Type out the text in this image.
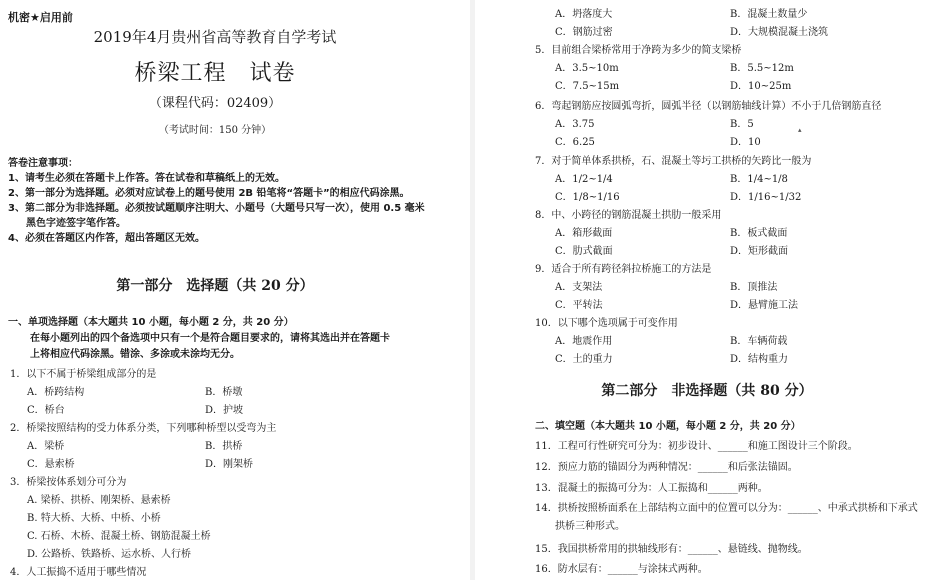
机密★启用前
2019年4月贵州省高等教育自学考试
桥梁工程　试卷
（课程代码：02409）
（考试时间：150 分钟）
答卷注意事项：
1、请考生必须在答题卡上作答。答在试卷和草稿纸上的无效。
2、第一部分为选择题。必须对应试卷上的题号使用 2B 铅笔将“答题卡”的相应代码涂黑。
3、第二部分为非选择题。必须按试题顺序注明大、小题号（大题号只写一次），使用 0.5 毫米
黑色字迹签字笔作答。
4、必须在答题区内作答，超出答题区无效。
第一部分　选择题（共 20 分）
一、单项选择题（本大题共 10 小题，每小题 2 分，共 20 分）
在每小题列出的四个备选项中只有一个是符合题目要求的，请将其选出并在答题卡
上将相应代码涂黑。错涂、多涂或未涂均无分。
1．以下不属于桥梁组成部分的是
A．桥跨结构	B．桥墩
C．桥台	D．护坡
2．桥梁按照结构的受力体系分类，下列哪种桥型以受弯为主
A．梁桥	B．拱桥
C．悬索桥	D．刚架桥
3．桥梁按体系划分可分为
A. 梁桥、拱桥、刚架桥、悬索桥
B. 特大桥、大桥、中桥、小桥
C. 石桥、木桥、混凝土桥、钢筋混凝土桥
D. 公路桥、铁路桥、运水桥、人行桥
4．人工振捣不适用于哪些情况
A．坍落度大	B．混凝土数量少
C．钢筋过密	D．大规模混凝土浇筑
5．目前组合梁桥常用于净跨为多少的简支梁桥
A．3.5~10m	B．5.5~12m
C．7.5~15m	D．10~25m
6．弯起钢筋应按圆弧弯折，圆弧半径（以钢筋轴线计算）不小于几倍钢筋直径
A．3.75	B．5	▴
C．6.25	D．10
7．对于简单体系拱桥，石、混凝土等圬工拱桥的矢跨比一般为
A．1/2~1/4	B．1/4~1/8
C．1/8~1/16	D．1/16~1/32
8．中、小跨径的钢筋混凝土拱肋一般采用
A．箱形截面	B．板式截面
C．肋式截面	D．矩形截面
9．适合于所有跨径斜拉桥施工的方法是
A．支架法	B．顶推法
C．平转法	D．悬臂施工法
10．以下哪个选项属于可变作用
A．地震作用	B．车辆荷载
C．土的重力	D．结构重力
第二部分　非选择题（共 80 分）
二、填空题（本大题共 10 小题，每小题 2 分，共 20 分）
11．工程可行性研究可分为：初步设计、______和施工图设计三个阶段。
12．预应力筋的锚固分为两种情况：______和后张法锚固。
13．混凝土的振捣可分为：人工振捣和______两种。
14．拱桥按照桥面系在上部结构立面中的位置可以分为：______、中承式拱桥和下承式
拱桥三种形式。
15．我国拱桥常用的拱轴线形有：______、悬链线、抛物线。
16．防水层有：______与涂抹式两种。
